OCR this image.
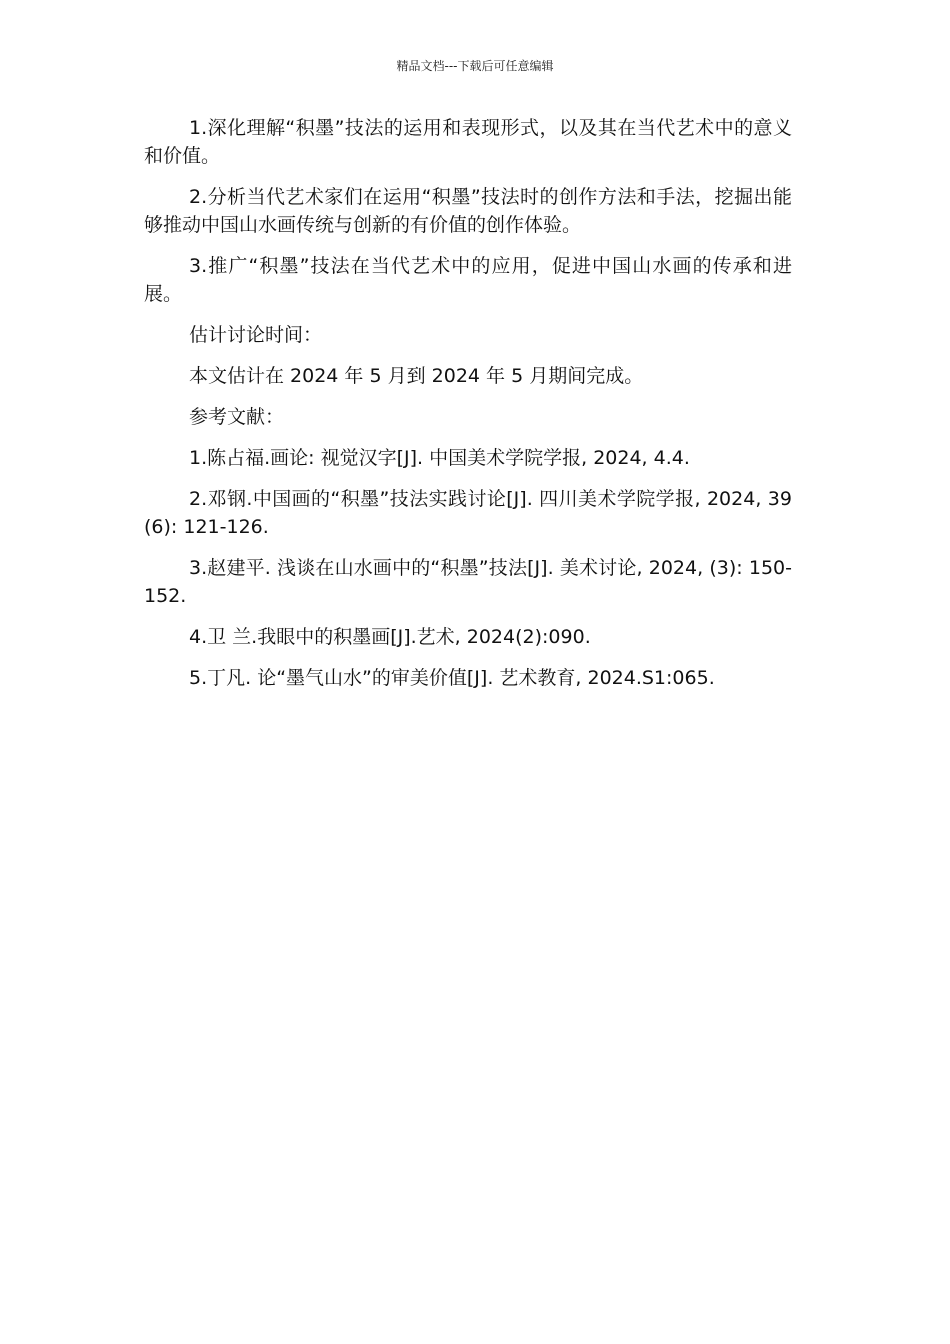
精品文档---下载后可任意编辑

1.深化理解“积墨”技法的运用和表现形式，以及其在当代艺术中的意义和价值。

2.分析当代艺术家们在运用“积墨”技法时的创作方法和手法，挖掘出能够推动中国山水画传统与创新的有价值的创作体验。

3.推广“积墨”技法在当代艺术中的应用，促进中国山水画的传承和进展。

估计讨论时间：

本文估计在 2024 年 5 月到 2024 年 5 月期间完成。

参考文献：

1.陈占福.画论: 视觉汉字[J]. 中国美术学院学报, 2024, 4.4.

2.邓钢.中国画的“积墨”技法实践讨论[J]. 四川美术学院学报, 2024, 39(6): 121-126.

3.赵建平. 浅谈在山水画中的“积墨”技法[J]. 美术讨论, 2024, (3): 150-152.

4.卫 兰.我眼中的积墨画[J].艺术, 2024(2):090.

5.丁凡. 论“墨气山水”的审美价值[J]. 艺术教育, 2024.S1:065.
